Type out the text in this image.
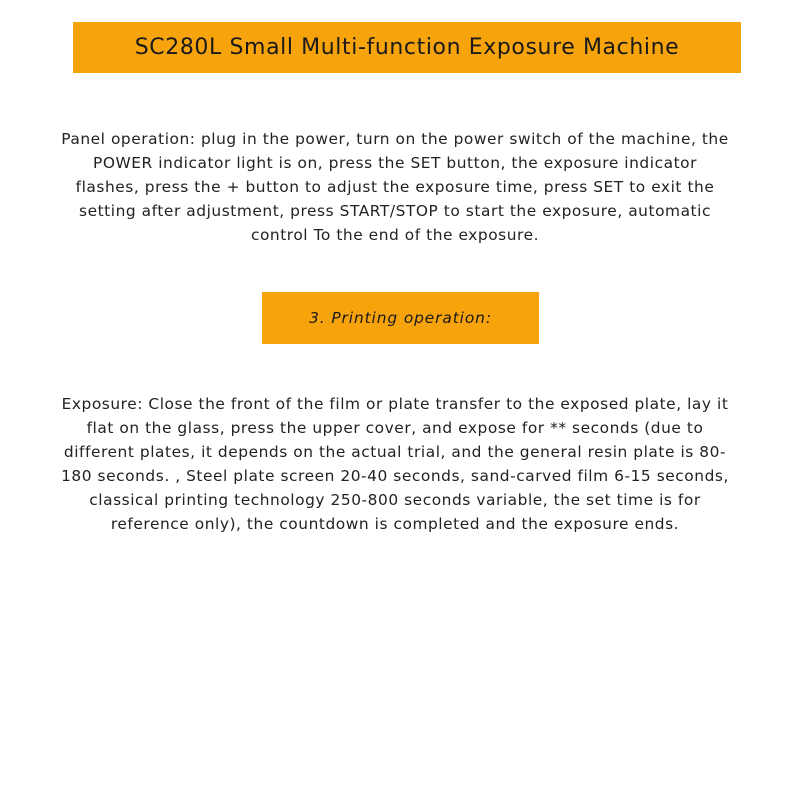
SC280L Small Multi-function Exposure Machine

Panel operation: plug in the power, turn on the power switch of the machine, the POWER indicator light is on, press the SET button, the exposure indicator flashes, press the + button to adjust the exposure time, press SET to exit the setting after adjustment, press START/STOP to start the exposure, automatic control To the end of the exposure.

3. Printing operation:

Exposure: Close the front of the film or plate transfer to the exposed plate, lay it flat on the glass, press the upper cover, and expose for ** seconds (due to different plates, it depends on the actual trial, and the general resin plate is 80-180 seconds. , Steel plate screen 20-40 seconds, sand-carved film 6-15 seconds, classical printing technology 250-800 seconds variable, the set time is for reference only), the countdown is completed and the exposure ends.
